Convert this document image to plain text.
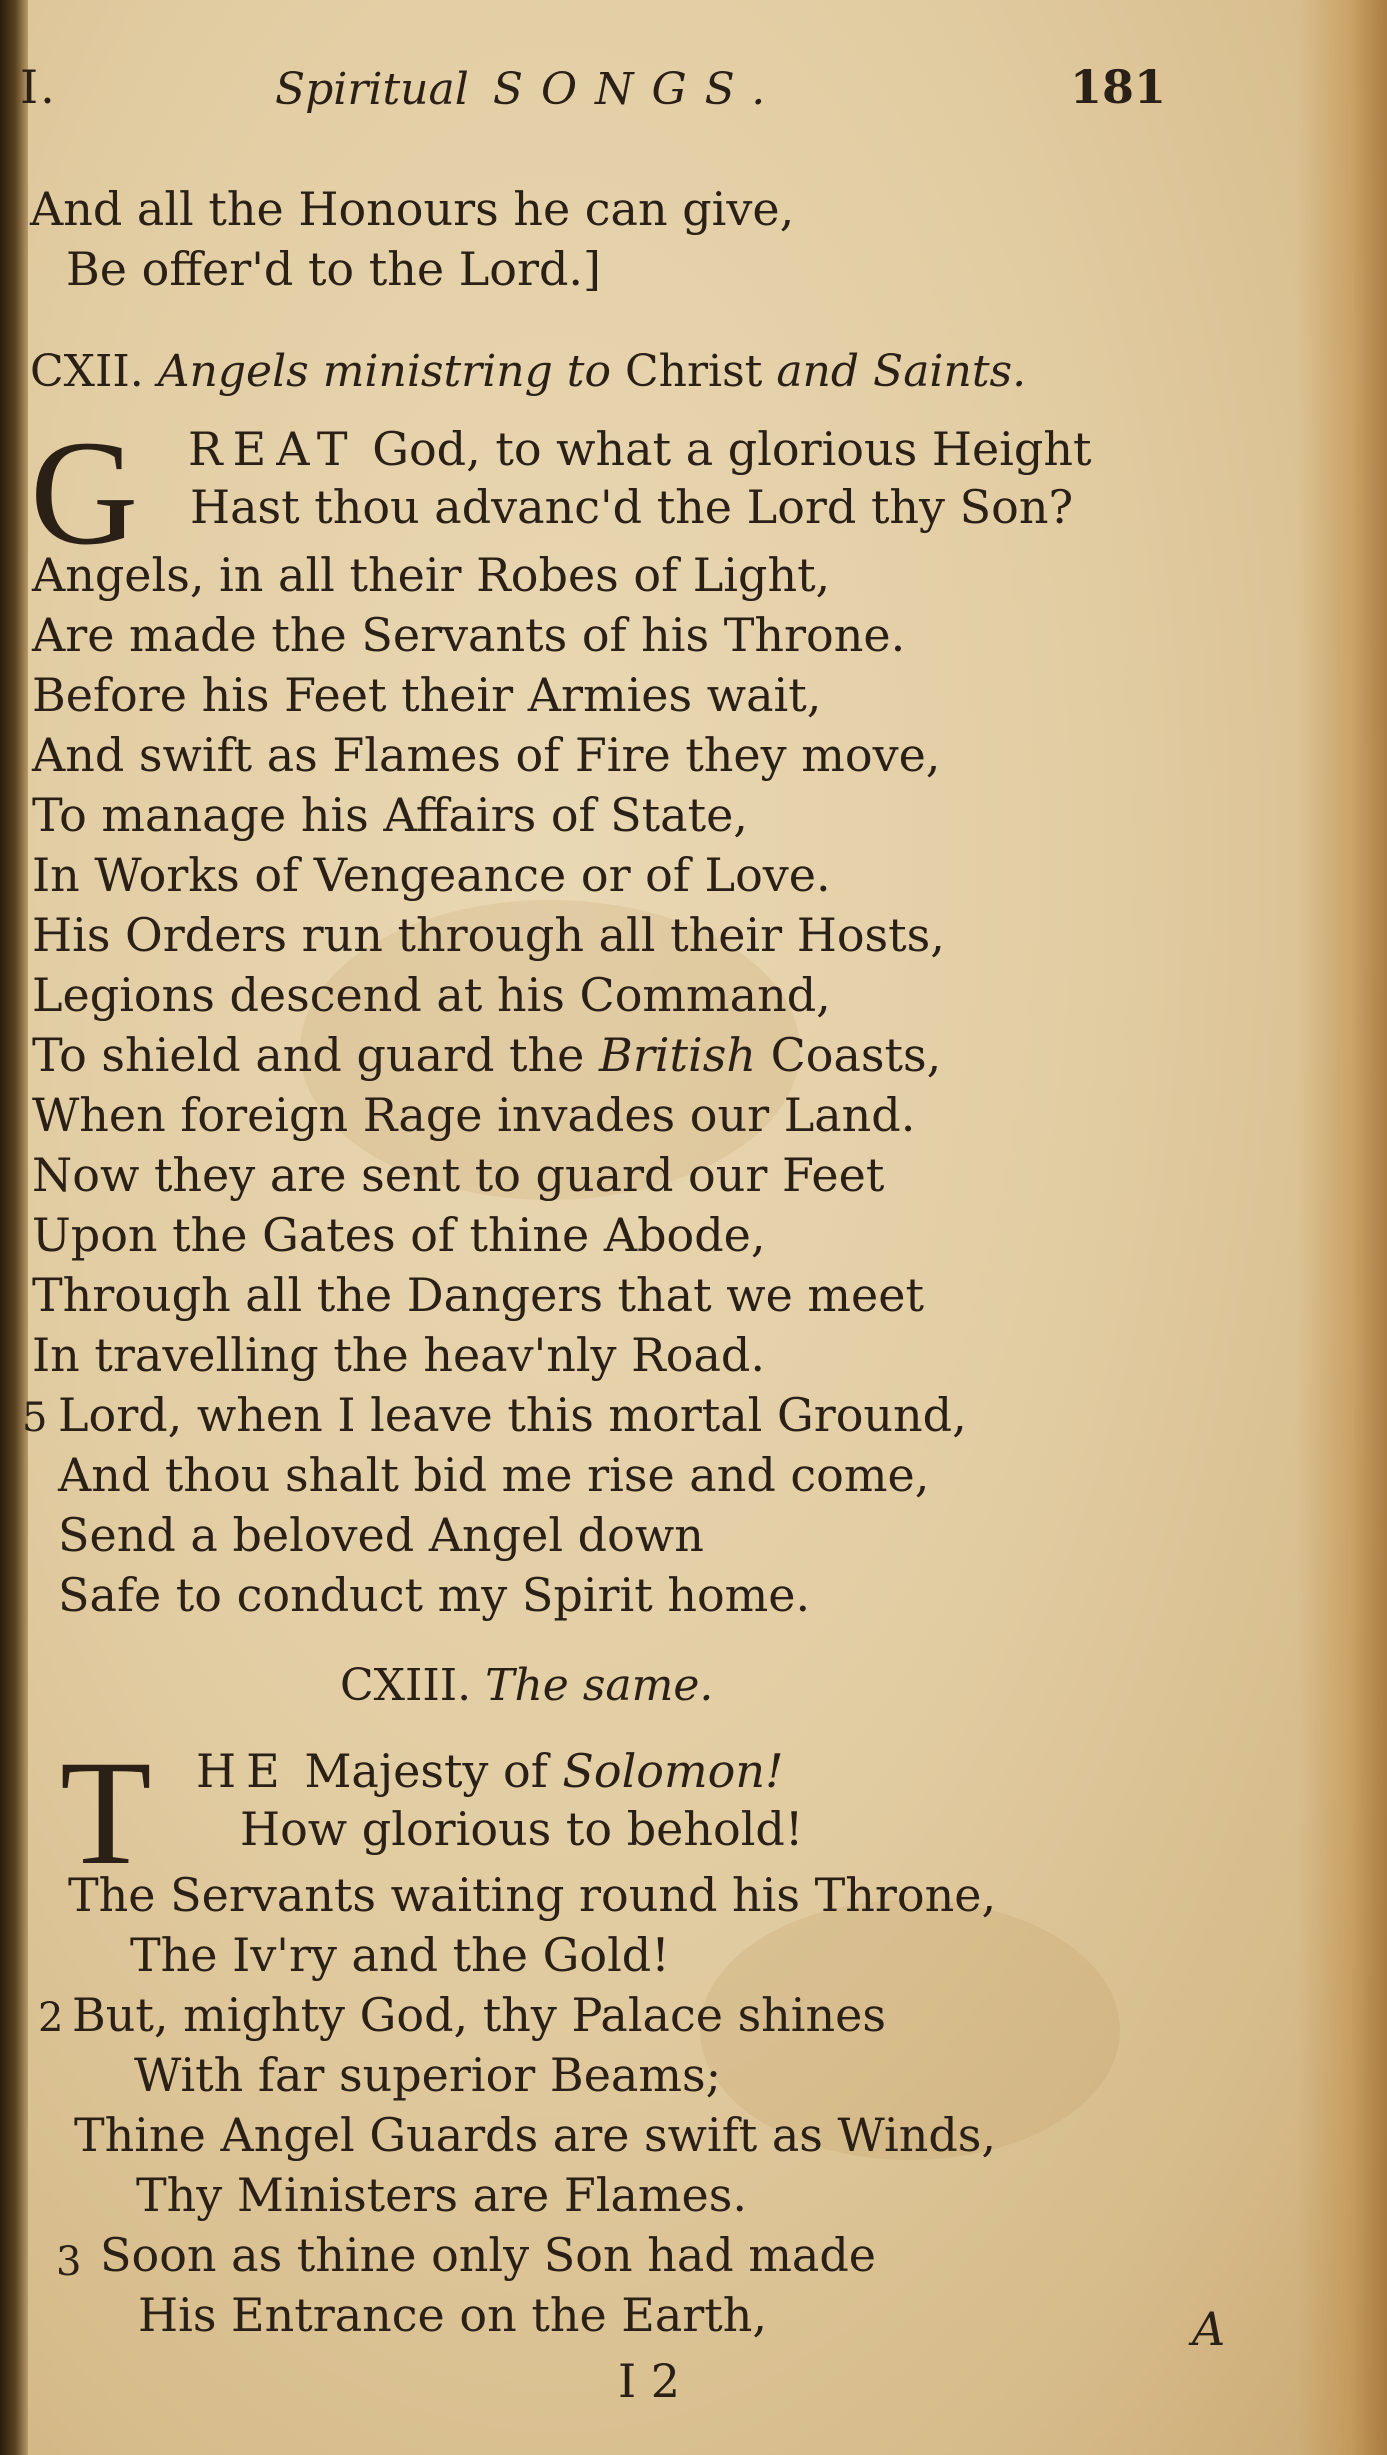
I.	Spiritual SONGS.	181
And all the Honours he can give,
Be offer'd to the Lord.]
CXII. Angels ministring to Christ and Saints.
G REAT God, to what a glorious Height
Hast thou advanc'd the Lord thy Son?
Angels, in all their Robes of Light,
Are made the Servants of his Throne.
Before his Feet their Armies wait,
And swift as Flames of Fire they move,
To manage his Affairs of State,
In Works of Vengeance or of Love.
His Orders run through all their Hosts,
Legions descend at his Command,
To shield and guard the British Coasts,
When foreign Rage invades our Land.
Now they are sent to guard our Feet
Upon the Gates of thine Abode,
Through all the Dangers that we meet
In travelling the heav'nly Road.
5 Lord, when I leave this mortal Ground,
And thou shalt bid me rise and come,
Send a beloved Angel down
Safe to conduct my Spirit home.
CXIII. The same.
T HE Majesty of Solomon!
How glorious to behold!
The Servants waiting round his Throne,
The Iv'ry and the Gold!
2 But, mighty God, thy Palace shines
With far superior Beams;
Thine Angel Guards are swift as Winds,
Thy Ministers are Flames.
3 Soon as thine only Son had made
His Entrance on the Earth,
I 2
A
